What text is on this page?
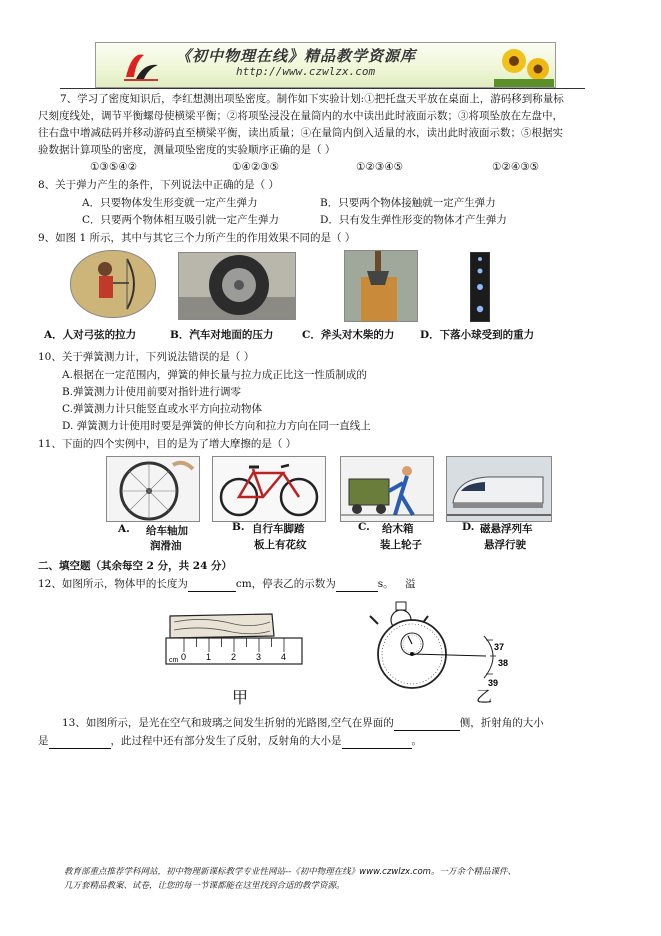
《初中物理在线》精品教学资源库
http://www.czwlzx.com
7、学习了密度知识后，李红想测出项坠密度。制作如下实验计划:①把托盘天平放在桌面上，游码移到称量标
尺刻度线处，调节平衡螺母使横梁平衡；②将项坠浸没在量筒内的水中读出此时液面示数；③将项坠放在左盘中，
往右盘中增减砝码并移动游码直至横梁平衡，读出质量；④在量筒内倒入适量的水，读出此时液面示数；⑤根据实
验数据计算项坠的密度，测量项坠密度的实验顺序正确的是（ ）
①③⑤④②	①④②③⑤	①②③④⑤	①②④③⑤
8、关于弹力产生的条件，下列说法中正确的是（ ）
A．只要物体发生形变就一定产生弹力	B．只要两个物体接触就一定产生弹力
C．只要两个物体相互吸引就一定产生弹力	D．只有发生弹性形变的物体才产生弹力
9、如图 1 所示，其中与其它三个力所产生的作用效果不同的是（ ）
A．人对弓弦的拉力	B．汽车对地面的压力	C．斧头对木柴的力 D．下落小球受到的重力
10、关于弹簧测力计，下列说法错误的是（ ）
A.根据在一定范围内，弹簧的伸长量与拉力成正比这一性质制成的
B.弹簧测力计使用前要对指针进行调零
C.弹簧测力计只能竖直或水平方向拉动物体
D. 弹簧测力计使用时要是弹簧的伸长方向和拉力方向在同一直线上
11、下面的四个实例中，目的是为了增大摩擦的是（ ）
A. 给车轴加
润滑油
B. 自行车脚踏
板上有花纹
C. 给木箱
装上轮子
D. 磁悬浮列车
悬浮行驶
二、填空题（其余每空 2 分，共 24 分）
12、如图所示，物体甲的长度为	cm，停表乙的示数为	s。 溢
cm 0 1 2 3 4
甲
37
38
39
乙
13、如图所示，是光在空气和玻璃之间发生折射的光路图,空气在界面的	侧，折射角的大小
是	，此过程中还有部分发生了反射，反射角的大小是	。
教育部重点推荐学科网站，初中物理新课标教学专业性网站--《初中物理在线》www.czwlzx.com。一万余个精品课件、
几万套精品教案、试卷，让您的每一节课都能在这里找到合适的教学资源。
